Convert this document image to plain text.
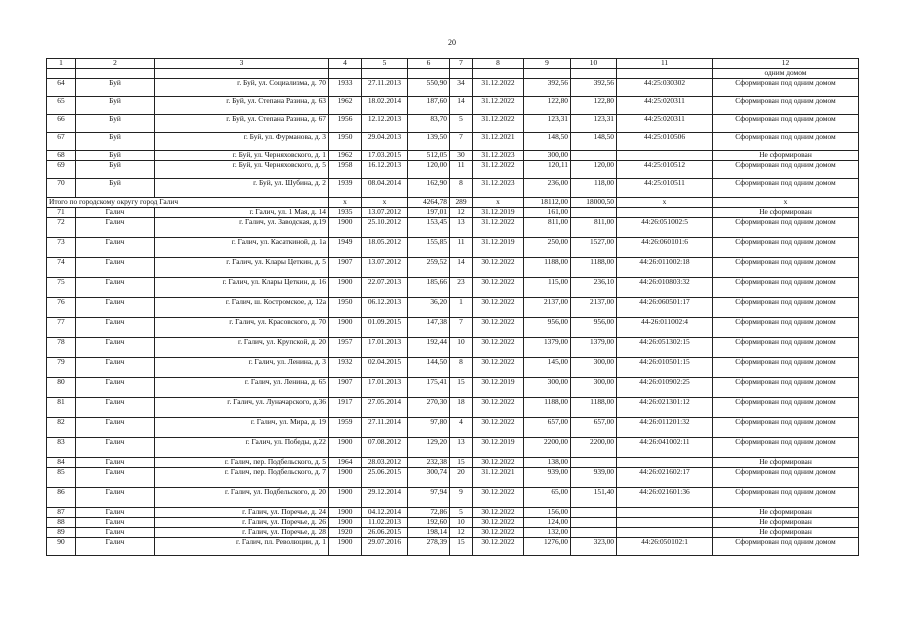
20
1	2	3	4	5	6	7	8	9	10	11	12
											одним домом
64	Буй	г. Буй, ул. Социализма, д. 70	1933	27.11.2013	550,90	34	31.12.2022	392,56	392,56	44:25:030302	Сформирован под одним домом
65	Буй	г. Буй, ул. Степана Разина, д. 63	1962	18.02.2014	187,60	14	31.12.2022	122,80	122,80	44:25:020311	Сформирован под одним домом
66	Буй	г. Буй, ул. Степана Разина, д. 67	1956	12.12.2013	83,70	5	31.12.2022	123,31	123,31	44:25:020311	Сформирован под одним домом
67	Буй	г. Буй, ул. Фурманова, д. 3	1950	29.04.2013	139,50	7	31.12.2021	148,50	148,50	44:25:010506	Сформирован под одним домом
68	Буй	г. Буй, ул. Черняховского, д. 1	1962	17.03.2015	512,05	30	31.12.2023	300,00			Не сформирован
69	Буй	г. Буй, ул. Черняховского, д. 5	1958	16.12.2013	120,00	11	31.12.2022	120,11	120,00	44:25:010512	Сформирован под одним домом
70	Буй	г. Буй, ул. Шубина, д. 2	1939	08.04.2014	162,90	8	31.12.2023	236,00	118,00	44:25:010511	Сформирован под одним домом
Итого по городскому округу город Галич			х	х	4264,78	289	х	18112,00	18000,50	х	х
71	Галич	г. Галич, ул. 1 Мая, д. 14	1935	13.07.2012	197,01	12	31.12.2019	161,00			Не сформирован
72	Галич	г. Галич, ул. Заводская, д.19	1900	25.10.2012	153,45	13	31.12.2022	811,00	811,00	44:26:051002:5	Сформирован под одним домом
73	Галич	г. Галич, ул. Касаткиной, д. 1а	1949	18.05.2012	155,85	11	31.12.2019	250,00	1527,00	44:26:060101:6	Сформирован под одним домом
74	Галич	г. Галич, ул. Клары Цеткин, д. 5	1907	13.07.2012	259,52	14	30.12.2022	1188,00	1188,00	44:26:011002:18	Сформирован под одним домом
75	Галич	г. Галич, ул. Клары Цеткин, д. 16	1900	22.07.2013	185,66	23	30.12.2022	115,00	236,10	44:26:010803:32	Сформирован под одним домом
76	Галич	г. Галич, ш. Костромское, д. 12а	1950	06.12.2013	36,20	1	30.12.2022	2137,00	2137,00	44:26:060501:17	Сформирован под одним домом
77	Галич	г. Галич, ул. Красовского, д. 70	1900	01.09.2015	147,38	7	30.12.2022	956,00	956,00	44-26:011002:4	Сформирован под одним домом
78	Галич	г. Галич, ул. Крупской, д. 20	1957	17.01.2013	192,44	10	30.12.2022	1379,00	1379,00	44:26:051302:15	Сформирован под одним домом
79	Галич	г. Галич, ул. Ленина, д. 3	1932	02.04.2015	144,50	8	30.12.2022	145,00	300,00	44:26:010501:15	Сформирован под одним домом
80	Галич	г. Галич, ул. Ленина, д. 65	1907	17.01.2013	175,41	15	30.12.2019	300,00	300,00	44:26:010902:25	Сформирован под одним домом
81	Галич	г. Галич, ул. Луначарского, д.36	1917	27.05.2014	270,30	18	30.12.2022	1188,00	1188,00	44:26:021301:12	Сформирован под одним домом
82	Галич	г. Галич, ул. Мира, д. 19	1959	27.11.2014	97,80	4	30.12.2022	657,00	657,00	44:26:011201:32	Сформирован под одним домом
83	Галич	г. Галич, ул. Победы, д.22	1900	07.08.2012	129,20	13	30.12.2019	2200,00	2200,00	44:26:041002:11	Сформирован под одним домом
84	Галич	г. Галич, пер. Подбельского, д. 5	1964	28.03.2012	232,38	15	30.12.2022	138,00			Не сформирован
85	Галич	г. Галич, пер. Подбельского, д. 7	1900	25.06.2015	300,74	20	31.12.2021	939,00	939,00	44:26:021602:17	Сформирован под одним домом
86	Галич	г. Галич, ул. Подбельского, д. 20	1900	29.12.2014	97,94	9	30.12.2022	65,00	151,40	44:26:021601:36	Сформирован под одним домом
87	Галич	г. Галич, ул. Поречье, д. 24	1900	04.12.2014	72,86	5	30.12.2022	156,00			Не сформирован
88	Галич	г. Галич, ул. Поречье, д. 26	1900	11.02.2013	192,60	10	30.12.2022	124,00			Не сформирован
89	Галич	г. Галич, ул. Поречье, д. 28	1920	26.06.2015	198,14	12	30.12.2022	132,00			Не сформирован
90	Галич	г. Галич, пл. Революции, д. 1	1900	29.07.2016	278,39	15	30.12.2022	1276,00	323,00	44:26:050102:1	Сформирован под одним домом
